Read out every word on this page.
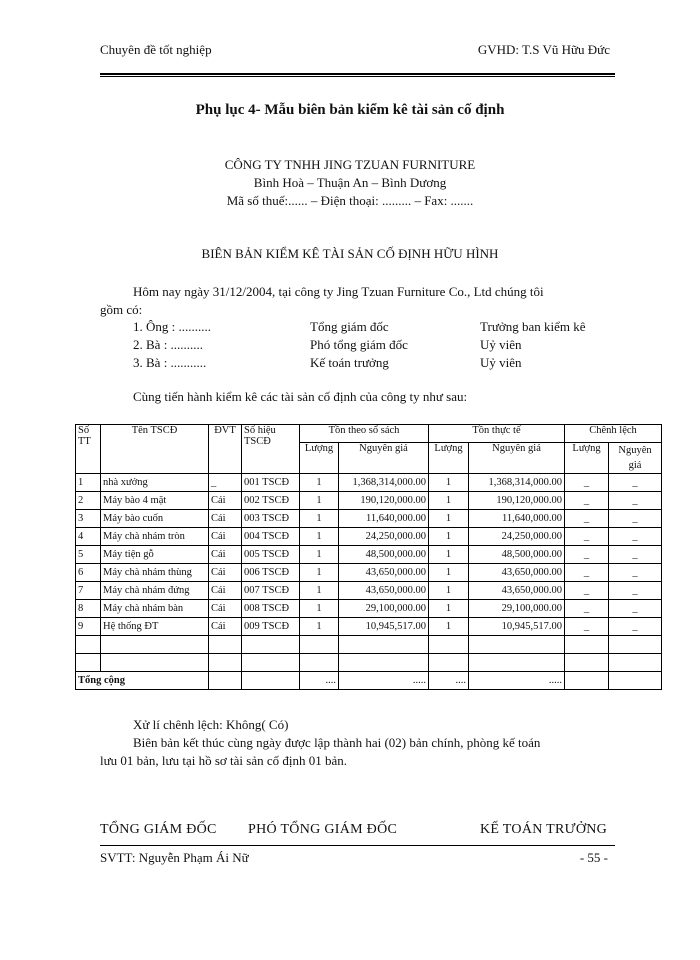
Chuyên đề tốt nghiệp	GVHD: T.S Vũ Hữu Đức
Phụ lục 4- Mẫu biên bản kiểm kê tài sản cố định
CÔNG TY TNHH JING TZUAN FURNITURE
Bình Hoà – Thuận An – Bình Dương
Mã số thuế:...... – Điện thoại: ......... – Fax: .......
BIÊN BẢN KIỂM KÊ TÀI SẢN CỐ ĐỊNH HỮU HÌNH
Hôm nay ngày 31/12/2004, tại công ty Jing Tzuan Furniture Co., Ltd chúng tôi
gồm có:
1. Ông : ..........	Tổng giám đốc	Trưởng ban kiểm kê
2. Bà : ..........	Phó tổng giám đốc	Uỷ viên
3. Bà : ...........	Kế toán trưởng	Uỷ viên
Cùng tiến hành kiểm kê các tài sản cố định của công ty như sau:
Số TT	Tên TSCĐ	ĐVT	Số hiệu TSCĐ	Tồn theo sổ sách		Tồn thực tế		Chênh lệch	
				Lượng	Nguyên giá	Lượng	Nguyên giá	Lượng	Nguyên giá
1	nhà xưởng	_	001 TSCĐ	1	1,368,314,000.00	1	1,368,314,000.00	_	_
2	Máy bào 4 mặt	Cái	002 TSCĐ	1	190,120,000.00	1	190,120,000.00	_	_
3	Máy bào cuốn	Cái	003 TSCĐ	1	11,640,000.00	1	11,640,000.00	_	_
4	Máy chà nhám tròn	Cái	004 TSCĐ	1	24,250,000.00	1	24,250,000.00	_	_
5	Máy tiện gỗ	Cái	005 TSCĐ	1	48,500,000.00	1	48,500,000.00	_	_
6	Máy chà nhám thùng	Cái	006 TSCĐ	1	43,650,000.00	1	43,650,000.00	_	_
7	Máy chà nhám đứng	Cái	007 TSCĐ	1	43,650,000.00	1	43,650,000.00	_	_
8	Máy chà nhám bàn	Cái	008 TSCĐ	1	29,100,000.00	1	29,100,000.00	_	_
9	Hệ thống ĐT	Cái	009 TSCĐ	1	10,945,517.00	1	10,945,517.00	_	_

Tổng cộng				....	.....	....	.....		
Xử lí chênh lệch: Không( Có)
Biên bản kết thúc cùng ngày được lập thành hai (02) bản chính, phòng kế toán
lưu 01 bản, lưu tại hồ sơ tài sản cố định 01 bản.
TỔNG GIÁM ĐỐC PHÓ TỔNG GIÁM ĐỐC	KẾ TOÁN TRƯỞNG
SVTT: Nguyễn Phạm Ái Nữ	- 55 -
